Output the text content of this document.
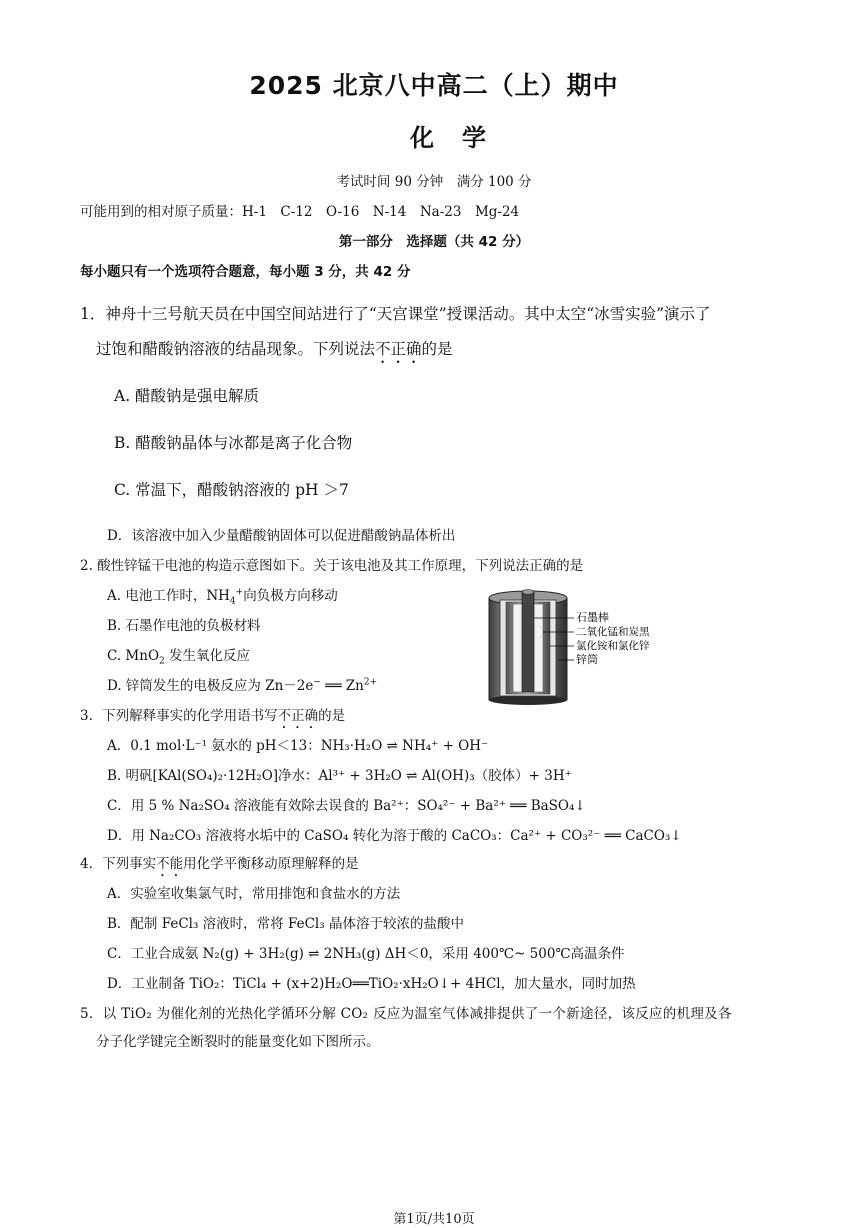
2025 北京八中高二（上）期中
化学
考试时间 90 分钟　满分 100 分
可能用到的相对原子质量：H-1　C-12　O-16　N-14　Na-23　Mg-24
第一部分　选择题（共 42 分）
每小题只有一个选项符合题意，每小题 3 分，共 42 分
1．神舟十三号航天员在中国空间站进行了“天宫课堂”授课活动。其中太空“冰雪实验”演示了
过饱和醋酸钠溶液的结晶现象。下列说法不正确的是
A. 醋酸钠是强电解质
B. 醋酸钠晶体与冰都是离子化合物
C. 常温下，醋酸钠溶液的 pH ＞7
D．该溶液中加入少量醋酸钠固体可以促进醋酸钠晶体析出
2. 酸性锌锰干电池的构造示意图如下。关于该电池及其工作原理，下列说法正确的是
A. 电池工作时，$NH_4^+$向负极方向移动
B. 石墨作电池的负极材料
C. MnO$_2$ 发生氧化反应
D. 锌筒发生的电极反应为 Zn－2e− ══ $Zn^{2+}$
石墨棒
二氧化锰和炭黑
氯化铵和氯化锌
锌筒
3．下列解释事实的化学用语书写不正确的是
A．0.1 mol·L⁻¹ 氨水的 pH＜13：NH₃·H₂O ⇌ NH₄⁺ + OH⁻
B. 明矾[KAl(SO₄)₂·12H₂O]净水：Al³⁺ + 3H₂O ⇌ Al(OH)₃（胶体）+ 3H⁺
C．用 5 % Na₂SO₄ 溶液能有效除去误食的 Ba²⁺：SO₄²⁻ + Ba²⁺ ══ BaSO₄↓
D．用 Na₂CO₃ 溶液将水垢中的 CaSO₄ 转化为溶于酸的 CaCO₃：Ca²⁺ + CO₃²⁻ ══ CaCO₃↓
4．下列事实不能用化学平衡移动原理解释的是
A．实验室收集氯气时，常用排饱和食盐水的方法
B．配制 FeCl₃ 溶液时，常将 FeCl₃ 晶体溶于较浓的盐酸中
C．工业合成氨 N₂(g) + 3H₂(g) ⇌ 2NH₃(g) ΔH＜0，采用 400℃~ 500℃高温条件
D．工业制备 TiO₂：TiCl₄ + (x+2)H₂O══TiO₂·xH₂O↓+ 4HCl，加大量水，同时加热
5．以 TiO₂ 为催化剂的光热化学循环分解 CO₂ 反应为温室气体减排提供了一个新途径，该反应的机理及各
分子化学键完全断裂时的能量变化如下图所示。
第1页/共10页
